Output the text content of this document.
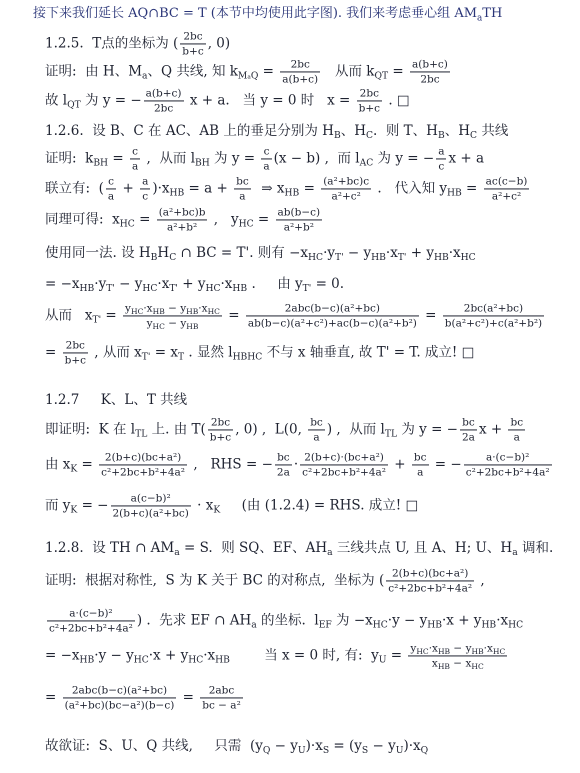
接下来我们延长 AQ∩BC = T (本节中均使用此字图). 我们来考虑垂心组 $AM_aTH$
1.2.5.  T点的坐标为 ( $\frac{2bc}{b+c}$ , 0)
证明:  由 H、$M_a$、Q 共线, 知 $k_{M_aQ} = \frac{2bc}{a(b+c)}$ 从而 $k_{QT} = \frac{a(b+c)}{2bc}$
故 $l_{QT}$ 为 y = − $\frac{a(b+c)}{2bc}$ x + a.   当 y = 0 时   $x = \frac{2bc}{b+c}$ . □
1.2.6.  设 B、C 在 AC、AB 上的垂足分别为 $H_B$、$H_C$.  则 T、$H_B$、$H_C$ 共线
证明:  $k_{BH} = \frac{c}{a}$ ,  从而 $l_{BH}$ 为 $y = \frac{c}{a} (x - b)$ ,  而 $l_{AC}$ 为 y = − $\frac{a}{c}$ x + a
联立有:  ( $\frac{c}{a} + \frac{a}{c} )\cdot x_{HB} = a + \frac{bc}{a}$ ⇒ $x_{HB} = \frac{\text{(a²+bc)c}}{\text{a²+c²}}$ .   代入知 $y_{HB} = \frac{ac(c-b)}{\text{a²+c²}}$
同理可得:  $x_{HC} = \frac{\text{(a²+bc)b}}{\text{a²+b²}}$ ,   $y_{HC} = \frac{ab(b-c)}{\text{a²+b²}}$
使用同一法. 设 $H_BH_C$ ∩ BC = T'. 则有 $-x_{HC}\cdot y_{T'} - y_{HB}\cdot x_{T'} + y_{HB}\cdot x_{HC}$
= $-x_{HB}\cdot y_{T'} - y_{HC}\cdot x_{T'} + y_{HC}\cdot x_{HB}$ .     由 $y_{T'} = 0$.
从而   $x_{T'} = \frac{y_{HC}\cdot x_{HB} - y_{HB}\cdot x_{HC}}{y_{HC} - y_{HB}} = \frac{\text{2abc(b−c)(a²+bc)}}{\text{ab(b−c)(a²+c²)+ac(b−c)(a²+b²)}} = \frac{\text{2bc(a²+bc)}}{\text{b(a²+c²)+c(a²+b²)}}$
= $\frac{2bc}{b+c}$ , 从而 $x_{T'} = x_T$ . 显然 $l_{HBHC}$ 不与 x 轴垂直, 故 T' = T. 成立! □
1.2.7     K、L、T 共线
即证明:  K 在 $l_{TL}$ 上. 由 $T( \frac{2bc}{b+c}$ , 0) ,  L(0, $\frac{bc}{a}$ ) ,  从而 $l_{TL}$ 为 y = − $\frac{bc}{2a}$ $x + \frac{bc}{a}$
由 $x_K = \frac{\text{2(b+c)(bc+a²)}}{\text{c²+2bc+b²+4a²}}$ ,   RHS = − $\frac{bc}{2a} \cdot \frac{\text{2(b+c)·(bc+a²)}}{\text{c²+2bc+b²+4a²}} + \frac{bc}{a}$ = − $\frac{\text{a·(c−b)²}}{\text{c²+2bc+b²+4a²}}$
而 $y_K$ = − $\frac{\text{a(c−b)²}}{\text{2(b+c)(a²+bc)}} \cdot x_K$     (由 (1.2.4) = RHS. 成立! □
1.2.8.  设 TH ∩ $AM_a = S$.  则 SQ、EF、$AH_a$ 三线共点 U, 且 A、H; U、$H_a$ 调和.
证明:  根据对称性,  S 为 K 关于 BC 的对称点,  坐标为 ( $\frac{\text{2(b+c)(bc+a²)}}{\text{c²+2bc+b²+4a²}}$ ,
$\frac{\text{a·(c−b)²}}{\text{c²+2bc+b²+4a²}}$ ) .  先求 EF ∩ $AH_a$ 的坐标.  $l_{EF}$ 为 $-x_{HC}\cdot y - y_{HB}\cdot x + y_{HB}\cdot x_{HC}$
= $-x_{HB}\cdot y - y_{HC}\cdot x + y_{HC}\cdot x_{HB}$        当 x = 0 时, 有:  $y_U = \frac{y_{HC}\cdot x_{HB} - y_{HB}\cdot x_{HC}}{x_{HB} - x_{HC}}$
= $\frac{\text{2abc(b−c)(a²+bc)}}{\text{(a²+bc)(bc−a²)(b−c)}} = \frac{\text{2abc}}{\text{bc − a²}}$
故欲证:  S、U、Q 共线,     只需  $(y_Q - y_U)\cdot x_S = (y_S - y_U)\cdot x_Q$
